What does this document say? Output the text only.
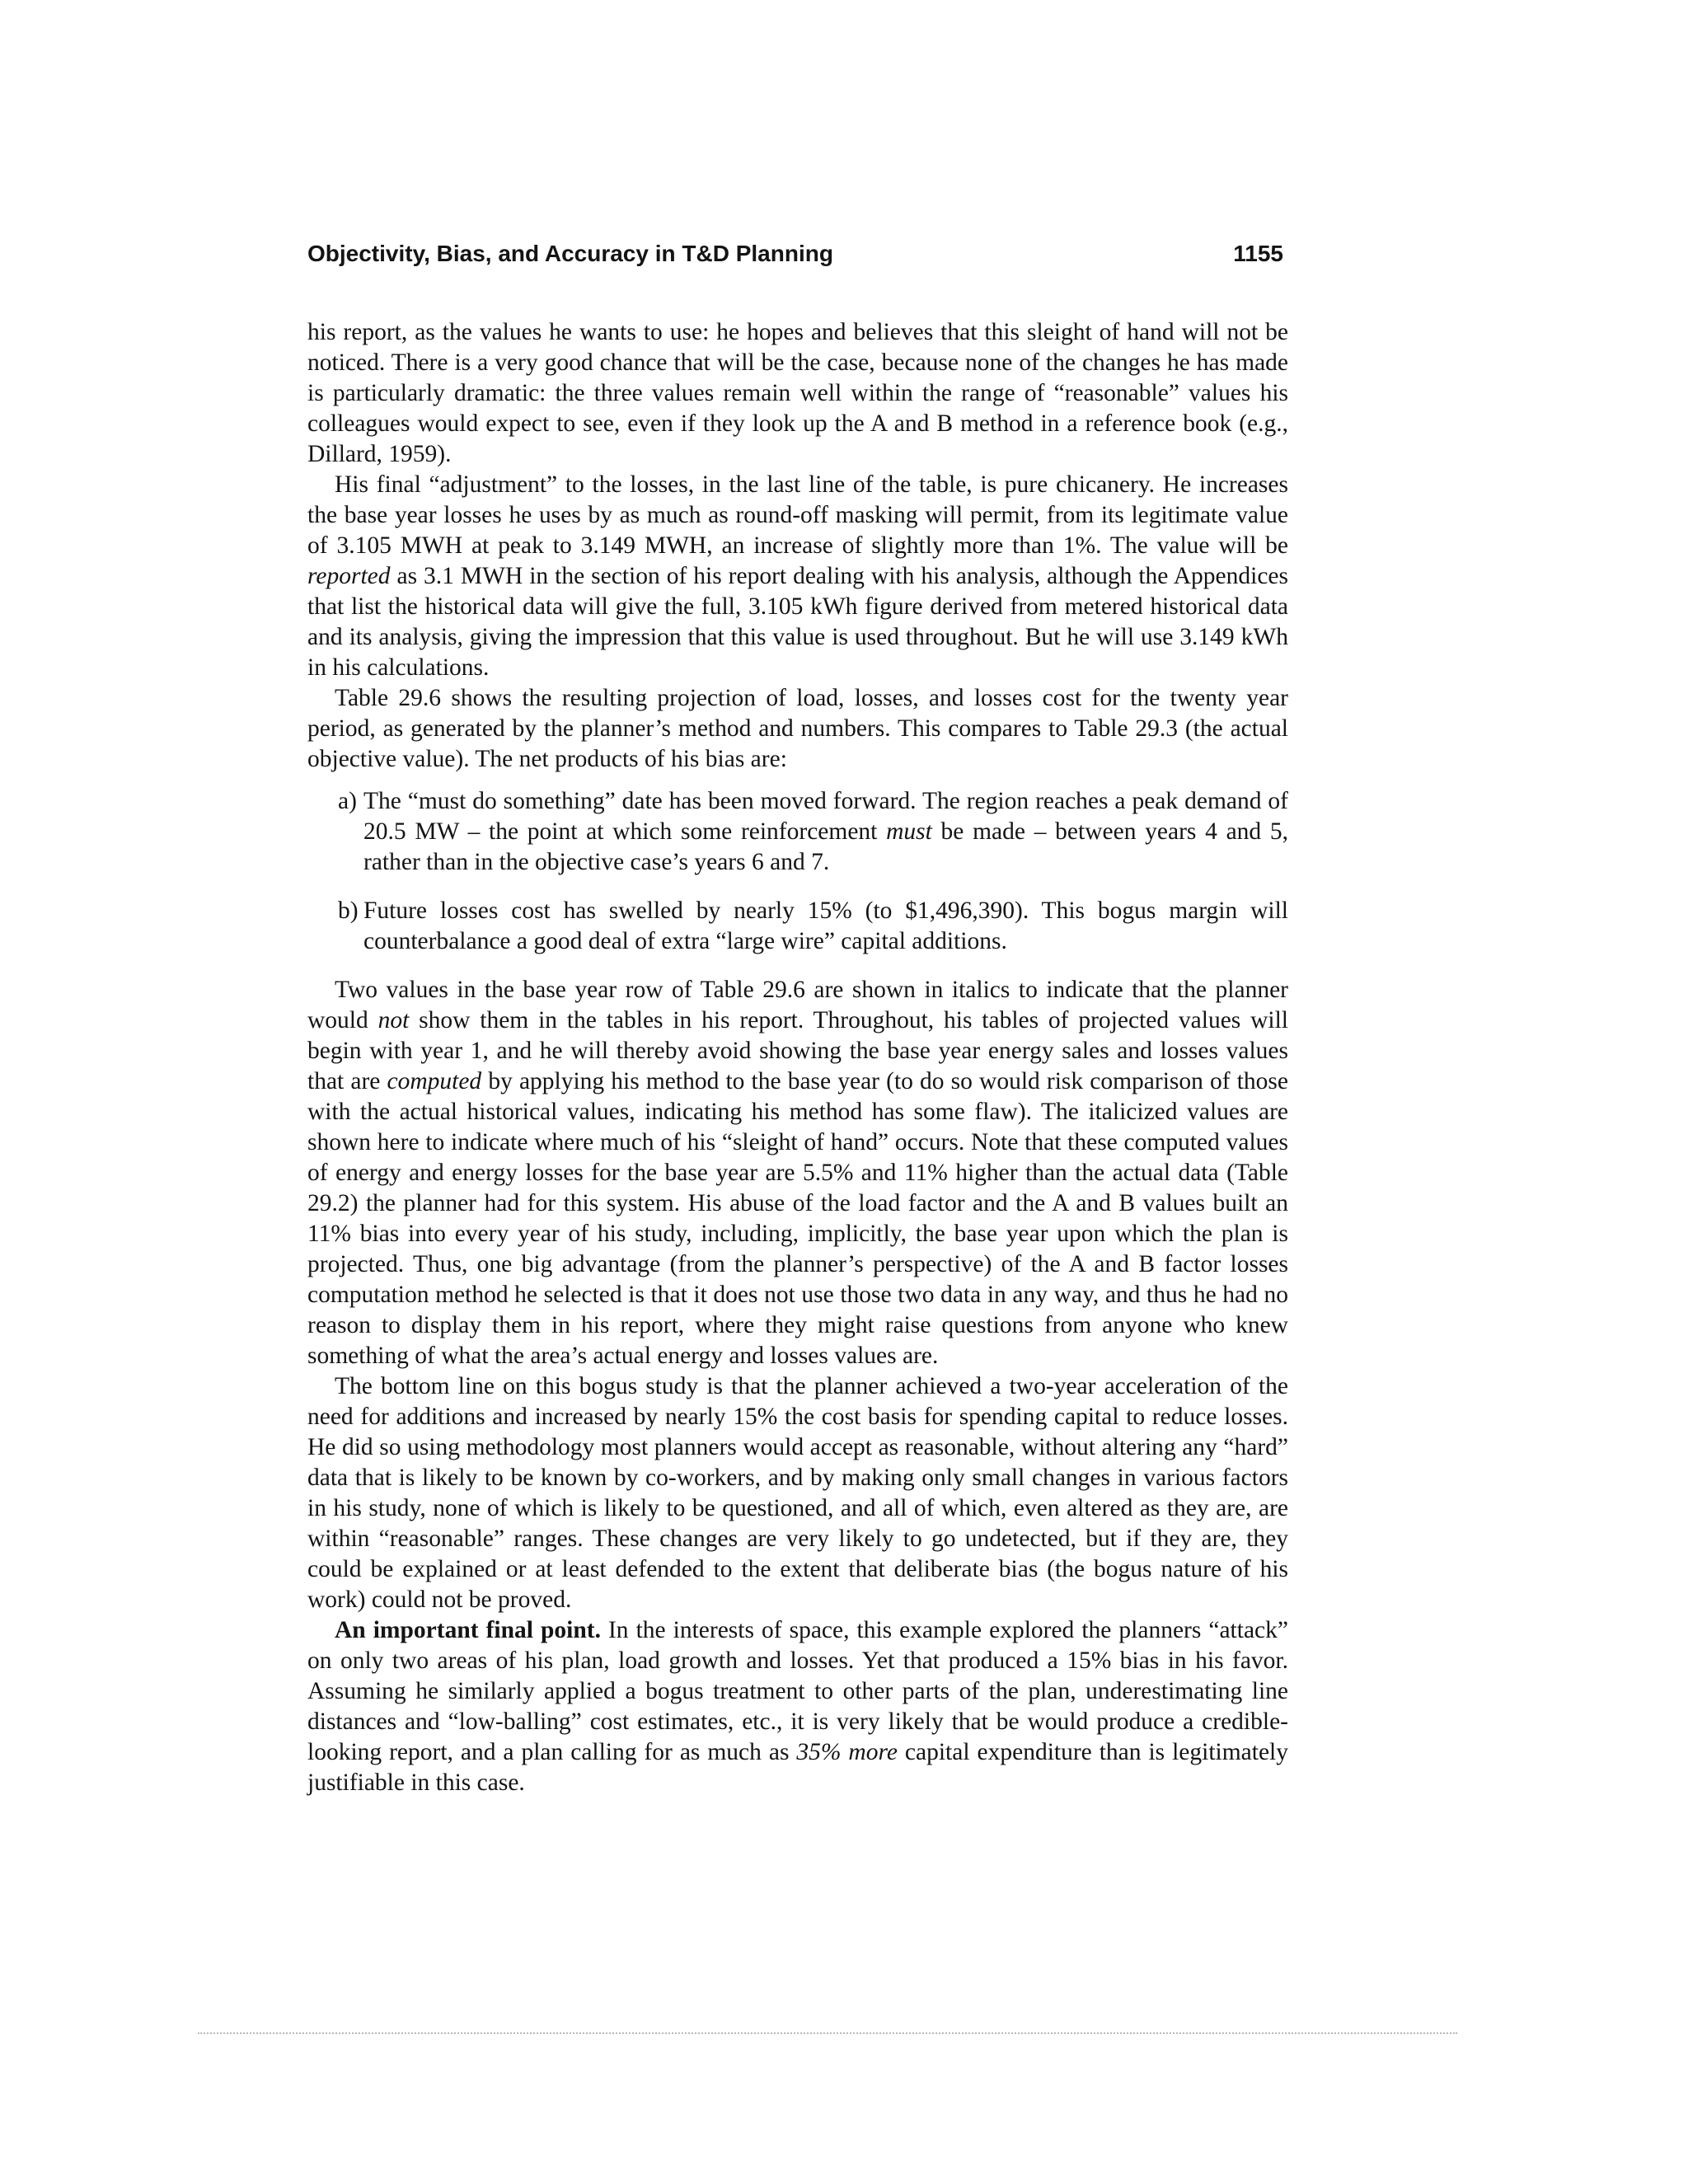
Objectivity, Bias, and Accuracy in T&D Planning	1155

his report, as the values he wants to use: he hopes and believes that this sleight of hand will not be noticed. There is a very good chance that will be the case, because none of the changes he has made is particularly dramatic: the three values remain well within the range of “reasonable” values his colleagues would expect to see, even if they look up the A and B method in a reference book (e.g., Dillard, 1959).

His final “adjustment” to the losses, in the last line of the table, is pure chicanery. He increases the base year losses he uses by as much as round-off masking will permit, from its legitimate value of 3.105 MWH at peak to 3.149 MWH, an increase of slightly more than 1%. The value will be reported as 3.1 MWH in the section of his report dealing with his analysis, although the Appendices that list the historical data will give the full, 3.105 kWh figure derived from metered historical data and its analysis, giving the impression that this value is used throughout. But he will use 3.149 kWh in his calculations.

Table 29.6 shows the resulting projection of load, losses, and losses cost for the twenty year period, as generated by the planner’s method and numbers. This compares to Table 29.3 (the actual objective value). The net products of his bias are:

a) The “must do something” date has been moved forward. The region reaches a peak demand of 20.5 MW – the point at which some reinforcement must be made – between years 4 and 5, rather than in the objective case’s years 6 and 7.
b) Future losses cost has swelled by nearly 15% (to $1,496,390). This bogus margin will counterbalance a good deal of extra “large wire” capital additions.

Two values in the base year row of Table 29.6 are shown in italics to indicate that the planner would not show them in the tables in his report. Throughout, his tables of projected values will begin with year 1, and he will thereby avoid showing the base year energy sales and losses values that are computed by applying his method to the base year (to do so would risk comparison of those with the actual historical values, indicating his method has some flaw). The italicized values are shown here to indicate where much of his “sleight of hand” occurs. Note that these computed values of energy and energy losses for the base year are 5.5% and 11% higher than the actual data (Table 29.2) the planner had for this system. His abuse of the load factor and the A and B values built an 11% bias into every year of his study, including, implicitly, the base year upon which the plan is projected. Thus, one big advantage (from the planner’s perspective) of the A and B factor losses computation method he selected is that it does not use those two data in any way, and thus he had no reason to display them in his report, where they might raise questions from anyone who knew something of what the area’s actual energy and losses values are.

The bottom line on this bogus study is that the planner achieved a two-year acceleration of the need for additions and increased by nearly 15% the cost basis for spending capital to reduce losses. He did so using methodology most planners would accept as reasonable, without altering any “hard” data that is likely to be known by co-workers, and by making only small changes in various factors in his study, none of which is likely to be questioned, and all of which, even altered as they are, are within “reasonable” ranges. These changes are very likely to go undetected, but if they are, they could be explained or at least defended to the extent that deliberate bias (the bogus nature of his work) could not be proved.

An important final point. In the interests of space, this example explored the planners “attack” on only two areas of his plan, load growth and losses. Yet that produced a 15% bias in his favor. Assuming he similarly applied a bogus treatment to other parts of the plan, underestimating line distances and “low-balling” cost estimates, etc., it is very likely that be would produce a credible-looking report, and a plan calling for as much as 35% more capital expenditure than is legitimately justifiable in this case.
